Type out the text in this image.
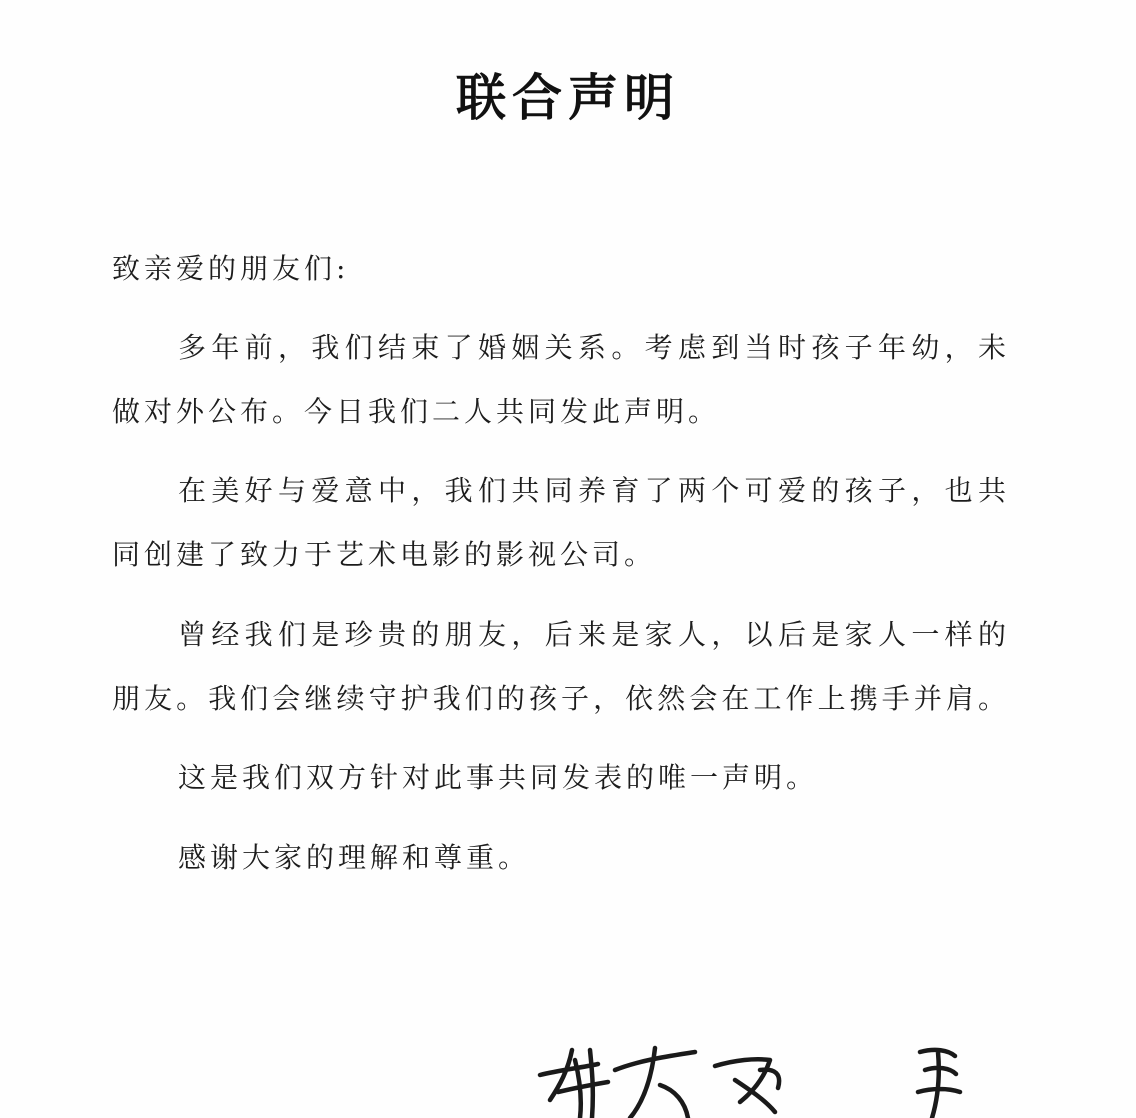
联合声明

致亲爱的朋友们:

多年前，我们结束了婚姻关系。考虑到当时孩子年幼，未

做对外公布。今日我们二人共同发此声明。

在美好与爱意中，我们共同养育了两个可爱的孩子，也共

同创建了致力于艺术电影的影视公司。

曾经我们是珍贵的朋友，后来是家人，以后是家人一样的

朋友。我们会继续守护我们的孩子，依然会在工作上携手并肩。

这是我们双方针对此事共同发表的唯一声明。

感谢大家的理解和尊重。
